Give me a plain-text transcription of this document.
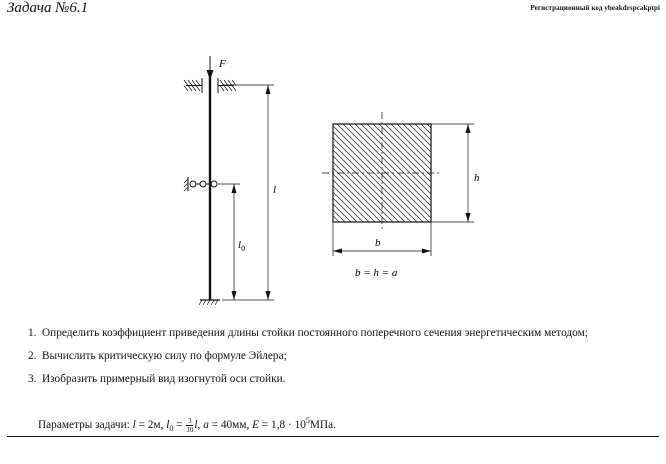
Задача №6.1	Регистрационный код ybeakdrspcakptpi
F
l
$l_0$
h
b
b = h = a
1. Определить коэффициент приведения длины стойки постоянного поперечного сечения энергетическим методом;
2. Вычислить критическую силу по формуле Эйлера;
3. Изобразить примерный вид изогнутой оси стойки.
Параметры задачи: l = 2м, $l_0 = \frac{3}{10} l$, a = 40мм, $E = 1,8 \cdot 10^5МПа$.
